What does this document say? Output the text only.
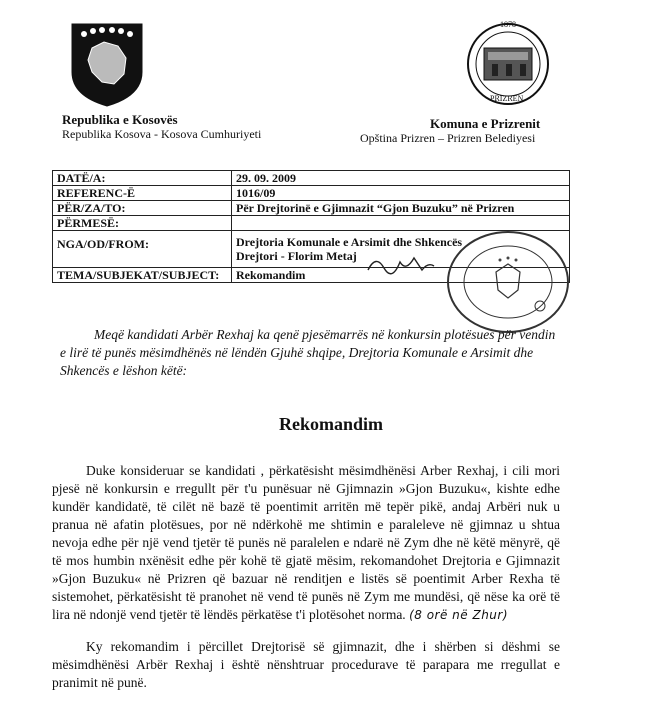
Republika e Kosovës
Republika Kosova - Kosova Cumhuriyeti
1878
PRIZREN
Komuna e Prizrenit
Opština Prizren – Prizren Belediyesi
DATË/A:	29. 09. 2009
REFERENC-Ë	1016/09
PËR/ZA/TO:	Për Drejtorinë e Gjimnazit “Gjon Buzuku” në Prizren
PËRMESË:	
NGA/OD/FROM:	Drejtoria Komunale e Arsimit dhe Shkencës
Drejtori - Florim Metaj

TEMA/SUBJEKAT/SUBJECT:	Rekomandim
Meqë kandidati Arbër Rexhaj ka qenë pjesëmarrës në konkursin plotësues për vendin e lirë të punës mësimdhënës në lëndën Gjuhë shqipe, Drejtoria Komunale e Arsimit dhe Shkencës e lëshon këtë:
Rekomandim
Duke konsideruar se kandidati , përkatësisht mësimdhënësi Arber Rexhaj, i cili mori pjesë në konkursin e rregullt për t'u punësuar në Gjimnazin »Gjon Buzuku«, kishte edhe kundër kandidatë, të cilët në bazë të poentimit arritën më tepër pikë, andaj Arbëri nuk u pranua në afatin plotësues, por në ndërkohë me shtimin e paraleleve në gjimnaz u shtua nevoja edhe për një vend tjetër të punës në paralelen e ndarë në Zym dhe në këtë mënyrë, që të mos humbin nxënësit edhe për kohë të gjatë mësim, rekomandohet Drejtoria e Gjimnazit »Gjon Buzuku« në Prizren që bazuar në renditjen e listës së poentimit Arber Rexha të sistemohet, përkatësisht të pranohet në vend të punës në Zym me mundësi, që nëse ka orë të lira në ndonjë vend tjetër të lëndës përkatëse t'i plotësohet norma. (8 orë në Zhur)
Ky rekomandim i përcillet Drejtorisë së gjimnazit, dhe i shërben si dëshmi se mësimdhënësi Arbër Rexhaj i është nënshtruar procedurave të parapara me rregullat e pranimit në punë.
